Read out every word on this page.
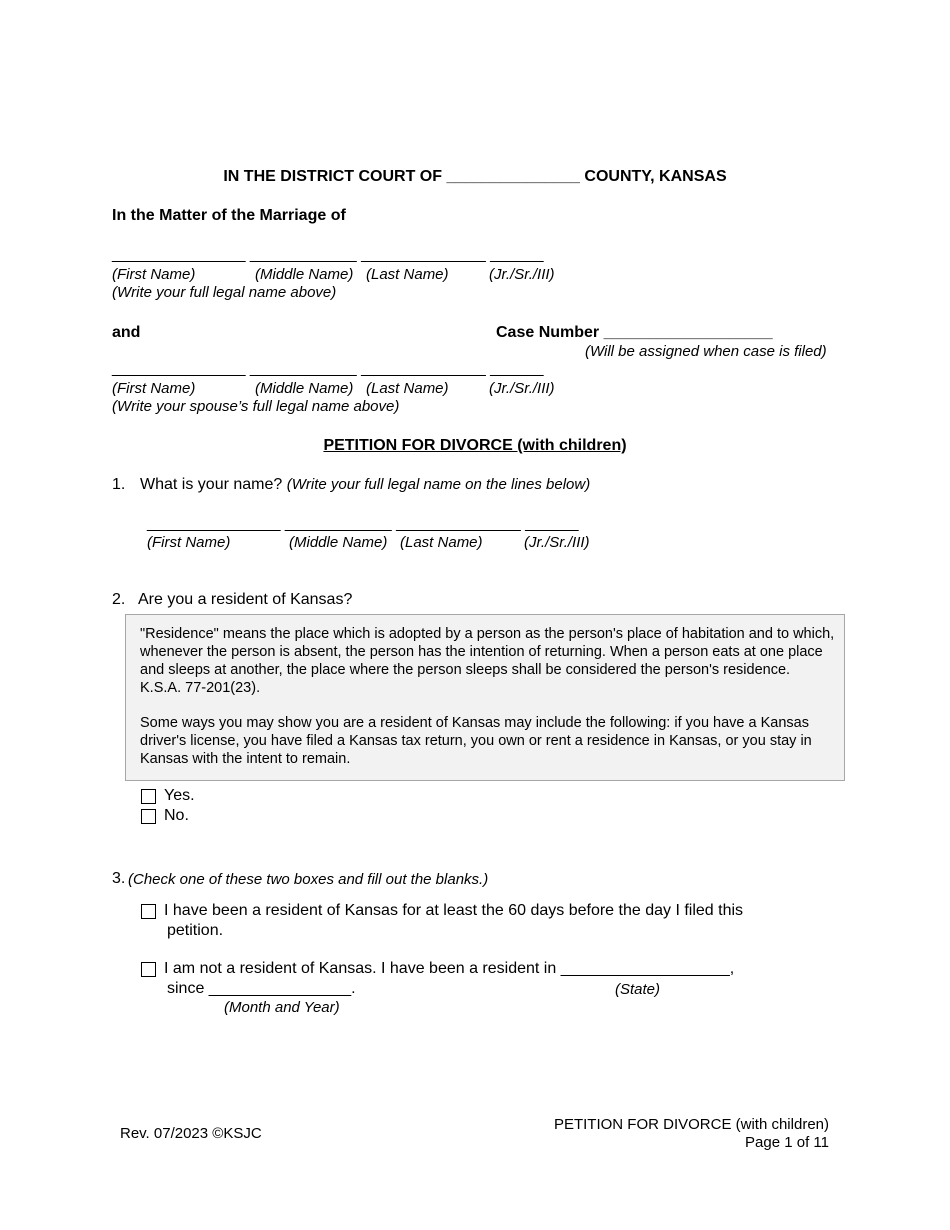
IN THE DISTRICT COURT OF _______________ COUNTY, KANSAS
In the Matter of the Marriage of
_______________ ____________ ______________ ______
(First Name)	(Middle Name) (Last Name)	(Jr./Sr./III)
(Write your full legal name above)
and	Case Number ___________________
(Will be assigned when case is filed)
_______________ ____________ ______________ ______
(First Name)	(Middle Name) (Last Name)	(Jr./Sr./III)
(Write your spouse’s full legal name above)
PETITION FOR DIVORCE (with children)
1. What is your name? (Write your full legal name on the lines below)
_______________ ____________ ______________ ______
(First Name)	(Middle Name) (Last Name)	(Jr./Sr./III)
2. Are you a resident of Kansas?

"Residence" means the place which is adopted by a person as the person's place of habitation and to which, whenever the person is absent, the person has the intention of returning. When a person eats at one place and sleeps at another, the place where the person sleeps shall be considered the person's residence. K.S.A. 77-201(23).

Some ways you may show you are a resident of Kansas may include the following: if you have a Kansas driver's license, you have filed a Kansas tax return, you own or rent a residence in Kansas, or you stay in Kansas with the intent to remain.

Yes.
No.
3. (Check one of these two boxes and fill out the blanks.)
I have been a resident of Kansas for at least the 60 days before the day I filed this
petition.
I am not a resident of Kansas. I have been a resident in ___________________,
since ________________.	(State)
(Month and Year)
Rev. 07/2023 ©KSJC
PETITION FOR DIVORCE (with children)
Page 1 of 11
